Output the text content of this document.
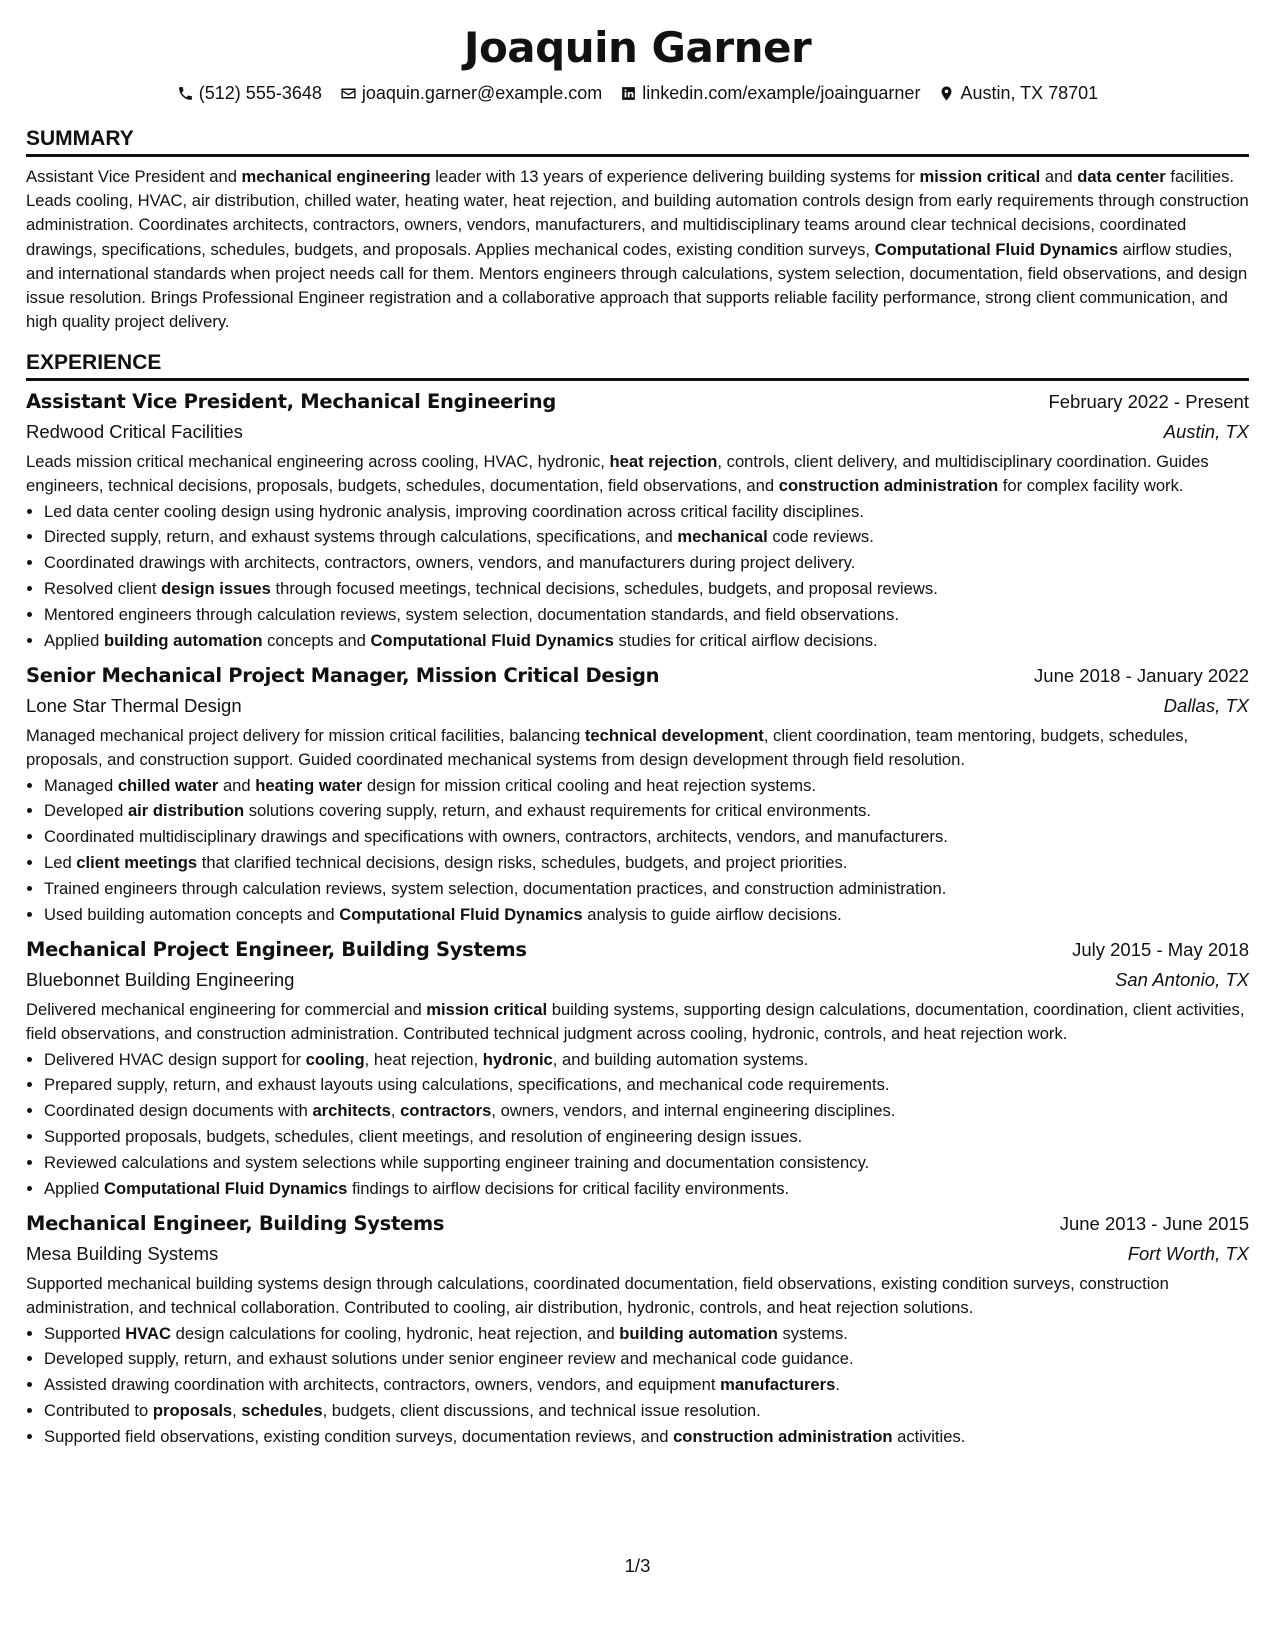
Joaquin Garner
(512) 555-3648 joaquin.garner@example.com linkedin.com/example/joainguarner Austin, TX 78701
SUMMARY

Assistant Vice President and mechanical engineering leader with 13 years of experience delivering building systems for mission critical and data center facilities. Leads cooling, HVAC, air distribution, chilled water, heating water, heat rejection, and building automation controls design from early requirements through construction administration. Coordinates architects, contractors, owners, vendors, manufacturers, and multidisciplinary teams around clear technical decisions, coordinated drawings, specifications, schedules, budgets, and proposals. Applies mechanical codes, existing condition surveys, Computational Fluid Dynamics airflow studies, and international standards when project needs call for them. Mentors engineers through calculations, system selection, documentation, field observations, and design issue resolution. Brings Professional Engineer registration and a collaborative approach that supports reliable facility performance, strong client communication, and high quality project delivery.

EXPERIENCE
Assistant Vice President, Mechanical Engineering	February 2022 - Present
Redwood Critical Facilities	Austin, TX

Leads mission critical mechanical engineering across cooling, HVAC, hydronic, heat rejection, controls, client delivery, and multidisciplinary coordination. Guides engineers, technical decisions, proposals, budgets, schedules, documentation, field observations, and construction administration for complex facility work.

• Led data center cooling design using hydronic analysis, improving coordination across critical facility disciplines.
• Directed supply, return, and exhaust systems through calculations, specifications, and mechanical code reviews.
• Coordinated drawings with architects, contractors, owners, vendors, and manufacturers during project delivery.
• Resolved client design issues through focused meetings, technical decisions, schedules, budgets, and proposal reviews.
• Mentored engineers through calculation reviews, system selection, documentation standards, and field observations.
• Applied building automation concepts and Computational Fluid Dynamics studies for critical airflow decisions.
Senior Mechanical Project Manager, Mission Critical Design	June 2018 - January 2022
Lone Star Thermal Design	Dallas, TX

Managed mechanical project delivery for mission critical facilities, balancing technical development, client coordination, team mentoring, budgets, schedules, proposals, and construction support. Guided coordinated mechanical systems from design development through field resolution.

• Managed chilled water and heating water design for mission critical cooling and heat rejection systems.
• Developed air distribution solutions covering supply, return, and exhaust requirements for critical environments.
• Coordinated multidisciplinary drawings and specifications with owners, contractors, architects, vendors, and manufacturers.
• Led client meetings that clarified technical decisions, design risks, schedules, budgets, and project priorities.
• Trained engineers through calculation reviews, system selection, documentation practices, and construction administration.
• Used building automation concepts and Computational Fluid Dynamics analysis to guide airflow decisions.
Mechanical Project Engineer, Building Systems	July 2015 - May 2018
Bluebonnet Building Engineering	San Antonio, TX

Delivered mechanical engineering for commercial and mission critical building systems, supporting design calculations, documentation, coordination, client activities, field observations, and construction administration. Contributed technical judgment across cooling, hydronic, controls, and heat rejection work.

• Delivered HVAC design support for cooling, heat rejection, hydronic, and building automation systems.
• Prepared supply, return, and exhaust layouts using calculations, specifications, and mechanical code requirements.
• Coordinated design documents with architects, contractors, owners, vendors, and internal engineering disciplines.
• Supported proposals, budgets, schedules, client meetings, and resolution of engineering design issues.
• Reviewed calculations and system selections while supporting engineer training and documentation consistency.
• Applied Computational Fluid Dynamics findings to airflow decisions for critical facility environments.
Mechanical Engineer, Building Systems	June 2013 - June 2015
Mesa Building Systems	Fort Worth, TX

Supported mechanical building systems design through calculations, coordinated documentation, field observations, existing condition surveys, construction administration, and technical collaboration. Contributed to cooling, air distribution, hydronic, controls, and heat rejection solutions.

• Supported HVAC design calculations for cooling, hydronic, heat rejection, and building automation systems.
• Developed supply, return, and exhaust solutions under senior engineer review and mechanical code guidance.
• Assisted drawing coordination with architects, contractors, owners, vendors, and equipment manufacturers.
• Contributed to proposals, schedules, budgets, client discussions, and technical issue resolution.
• Supported field observations, existing condition surveys, documentation reviews, and construction administration activities.
1/3
